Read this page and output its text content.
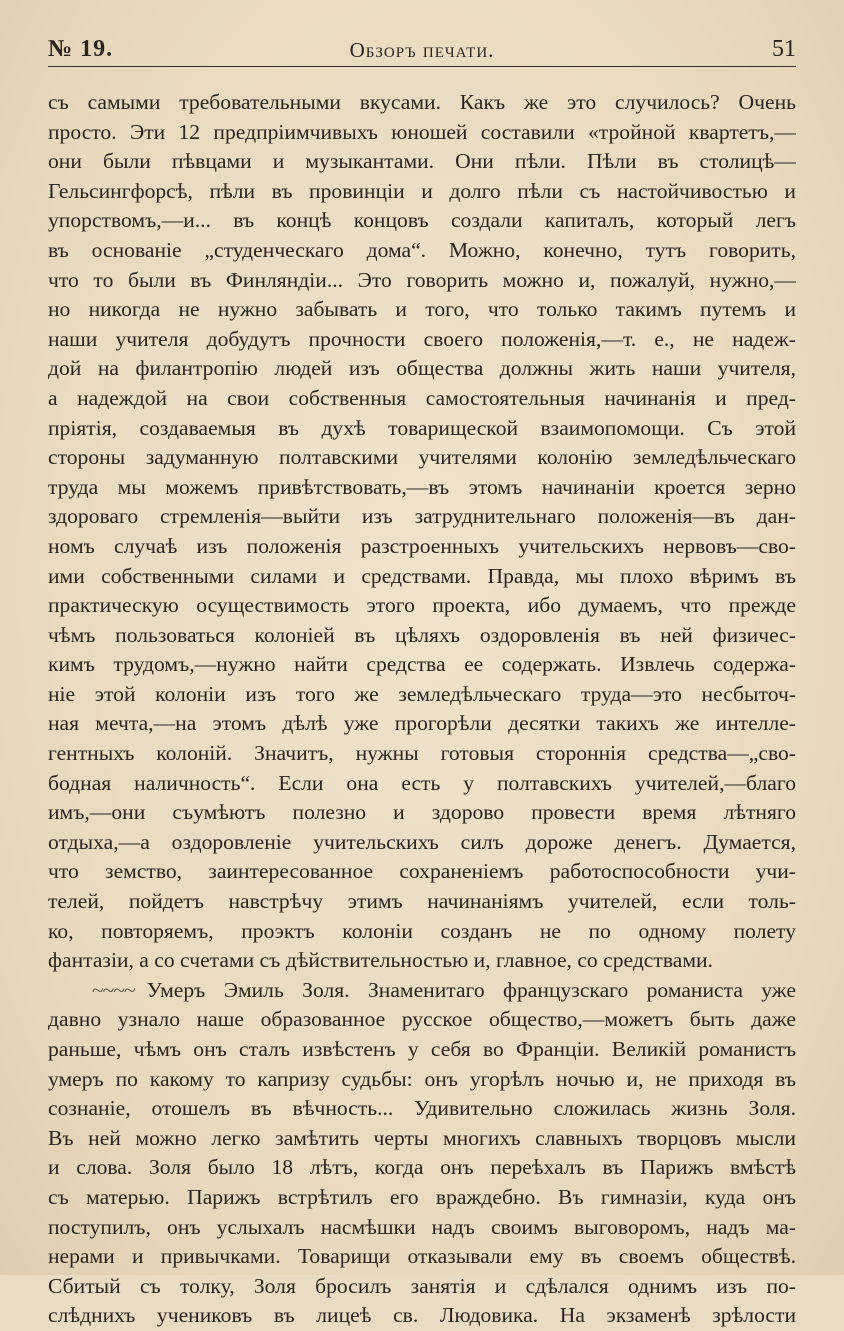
№ 19.	Обзоръ печати.	51
съ самыми требовательными вкусами. Какъ же это случилось? Очень
просто. Эти 12 предпріимчивыхъ юношей составили «тройной квартетъ,—
они были пѣвцами и музыкантами. Они пѣли. Пѣли въ столицѣ—
Гельсингфорсѣ, пѣли въ провинціи и долго пѣли съ настойчивостью и
упорствомъ,—и... въ концѣ концовъ создали капиталъ, который легъ
въ основаніе „студенческаго дома“. Можно, конечно, тутъ говорить,
что то были въ Финляндіи... Это говорить можно и, пожалуй, нужно,—
но никогда не нужно забывать и того, что только такимъ путемъ и
наши учителя добудутъ прочности своего положенія,—т. е., не надеж-
дой на филантропію людей изъ общества должны жить наши учителя,
а надеждой на свои собственныя самостоятельныя начинанія и пред-
пріятія, создаваемыя въ духѣ товарищеской взаимопомощи. Съ этой
стороны задуманную полтавскими учителями колонію земледѣльческаго
труда мы можемъ привѣтствовать,—въ этомъ начинаніи кроется зерно
здороваго стремленія—выйти изъ затруднительнаго положенія—въ дан-
номъ случаѣ изъ положенія разстроенныхъ учительскихъ нервовъ—сво-
ими собственными силами и средствами. Правда, мы плохо вѣримъ въ
практическую осуществимость этого проекта, ибо думаемъ, что прежде
чѣмъ пользоваться колоніей въ цѣляхъ оздоровленія въ ней физичес-
кимъ трудомъ,—нужно найти средства ее содержать. Извлечь содержа-
ніе этой колоніи изъ того же земледѣльческаго труда—это несбыточ-
ная мечта,—на этомъ дѣлѣ уже прогорѣли десятки такихъ же интелле-
гентныхъ колоній. Значитъ, нужны готовыя стороннія средства—„сво-
бодная наличность“. Если она есть у полтавскихъ учителей,—благо
имъ,—они съумѣютъ полезно и здорово провести время лѣтняго
отдыха,—а оздоровленіе учительскихъ силъ дороже денегъ. Думается,
что земство, заинтересованное сохраненіемъ работоспособности учи-
телей, пойдетъ навстрѣчу этимъ начинаніямъ учителей, если толь-
ко, повторяемъ, проэктъ колоніи созданъ не по одному полету
фантазіи, а со счетами съ дѣйствительностью и, главное, со средствами.
~~~~ Умеръ Эмиль Золя. Знаменитаго французскаго романиста уже
давно узнало наше образованное русское общество,—можетъ быть даже
раньше, чѣмъ онъ сталъ извѣстенъ у себя во Франціи. Великій романистъ
умеръ по какому то капризу судьбы: онъ угорѣлъ ночью и, не приходя въ
сознаніе, отошелъ въ вѣчность... Удивительно сложилась жизнь Золя.
Въ ней можно легко замѣтить черты многихъ славныхъ творцовъ мысли
и слова. Золя было 18 лѣтъ, когда онъ переѣхалъ въ Парижъ вмѣстѣ
съ матерью. Парижъ встрѣтилъ его враждебно. Въ гимназіи, куда онъ
поступилъ, онъ услыхалъ насмѣшки надъ своимъ выговоромъ, надъ ма-
нерами и привычками. Товарищи отказывали ему въ своемъ обществѣ.
Сбитый съ толку, Золя бросилъ занятія и сдѣлался однимъ изъ по-
слѣднихъ учениковъ въ лицеѣ св. Людовика. На экзаменѣ зрѣлости
